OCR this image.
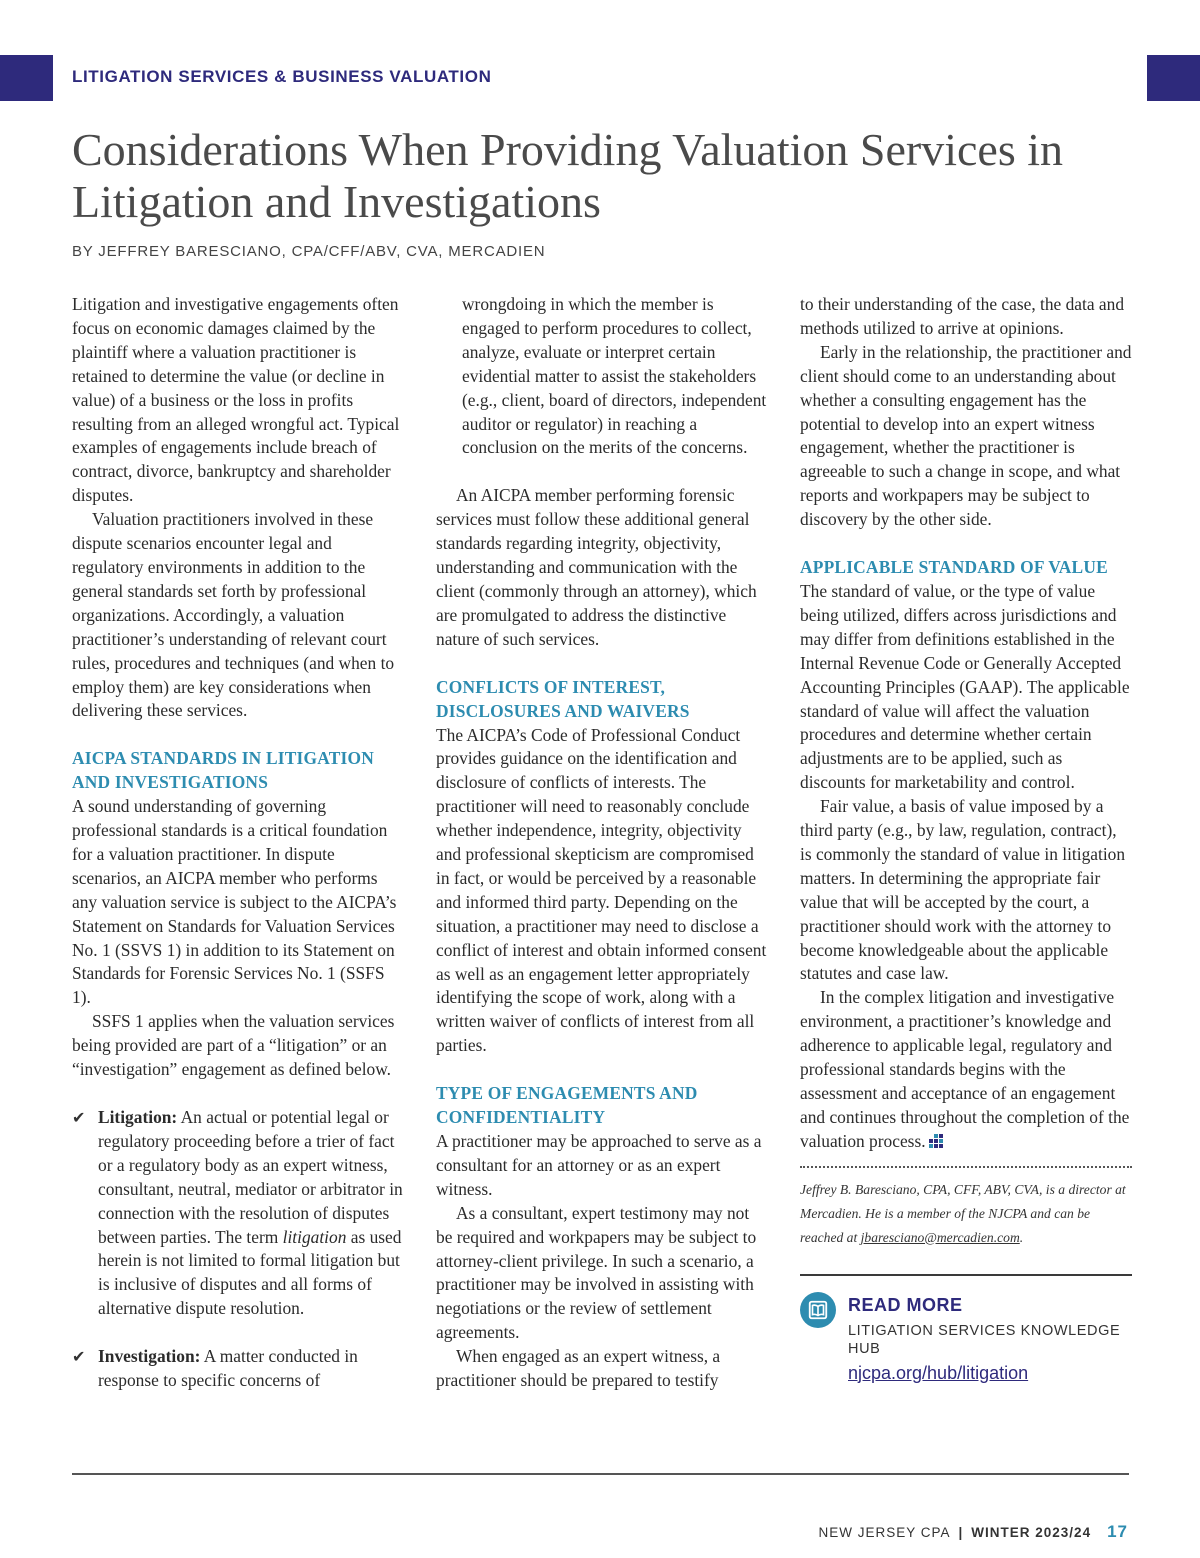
LITIGATION SERVICES & BUSINESS VALUATION
Considerations When Providing Valuation Services in Litigation and Investigations
BY JEFFREY BARESCIANO, CPA/CFF/ABV, CVA, MERCADIEN

Litigation and investigative engagements often focus on economic damages claimed by the plaintiff where a valuation practitioner is retained to determine the value (or decline in value) of a business or the loss in profits resulting from an alleged wrongful act. Typical examples of engagements include breach of contract, divorce, bankruptcy and shareholder disputes.

Valuation practitioners involved in these dispute scenarios encounter legal and regulatory environments in addition to the general standards set forth by professional organizations. Accordingly, a valuation practitioner’s understanding of relevant court rules, procedures and techniques (and when to employ them) are key considerations when delivering these services.

AICPA STANDARDS IN LITIGATION AND INVESTIGATIONS

A sound understanding of governing professional standards is a critical foundation for a valuation practitioner. In dispute scenarios, an AICPA member who performs any valuation service is subject to the AICPA’s Statement on Standards for Valuation Services No. 1 (SSVS 1) in addition to its Statement on Standards for Forensic Services No. 1 (SSFS 1).

SSFS 1 applies when the valuation services being provided are part of a “litigation” or an “investigation” engagement as defined below.

✔ Litigation: An actual or potential legal or regulatory proceeding before a trier of fact or a regulatory body as an expert witness, consultant, neutral, mediator or arbitrator in connection with the resolution of disputes between parties. The term litigation as used herein is not limited to formal litigation but is inclusive of disputes and all forms of alternative dispute resolution.
✔ Investigation: A matter conducted in response to specific concerns of

wrongdoing in which the member is engaged to perform procedures to collect, analyze, evaluate or interpret certain evidential matter to assist the stakeholders (e.g., client, board of directors, independent auditor or regulator) in reaching a conclusion on the merits of the concerns.

An AICPA member performing forensic services must follow these additional general standards regarding integrity, objectivity, understanding and communication with the client (commonly through an attorney), which are promulgated to address the distinctive nature of such services.

CONFLICTS OF INTEREST, DISCLOSURES AND WAIVERS

The AICPA’s Code of Professional Conduct provides guidance on the identification and disclosure of conflicts of interests. The practitioner will need to reasonably conclude whether independence, integrity, objectivity and professional skepticism are compromised in fact, or would be perceived by a reasonable and informed third party. Depending on the situation, a practitioner may need to disclose a conflict of interest and obtain informed consent as well as an engagement letter appropriately identifying the scope of work, along with a written waiver of conflicts of interest from all parties.

TYPE OF ENGAGEMENTS AND CONFIDENTIALITY

A practitioner may be approached to serve as a consultant for an attorney or as an expert witness.

As a consultant, expert testimony may not be required and workpapers may be subject to attorney-client privilege. In such a scenario, a practitioner may be involved in assisting with negotiations or the review of settlement agreements.

When engaged as an expert witness, a practitioner should be prepared to testify

to their understanding of the case, the data and methods utilized to arrive at opinions.

Early in the relationship, the practitioner and client should come to an understanding about whether a consulting engagement has the potential to develop into an expert witness engagement, whether the practitioner is agreeable to such a change in scope, and what reports and workpapers may be subject to discovery by the other side.

APPLICABLE STANDARD OF VALUE

The standard of value, or the type of value being utilized, differs across jurisdictions and may differ from definitions established in the Internal Revenue Code or Generally Accepted Accounting Principles (GAAP). The applicable standard of value will affect the valuation procedures and determine whether certain adjustments are to be applied, such as discounts for marketability and control.

Fair value, a basis of value imposed by a third party (e.g., by law, regulation, contract), is commonly the standard of value in litigation matters. In determining the appropriate fair value that will be accepted by the court, a practitioner should work with the attorney to become knowledgeable about the applicable statutes and case law.

In the complex litigation and investigative environment, a practitioner’s knowledge and adherence to applicable legal, regulatory and professional standards begins with the assessment and acceptance of an engagement and continues throughout the completion of the valuation process.

Jeffrey B. Baresciano, CPA, CFF, ABV, CVA, is a director at Mercadien. He is a member of the NJCPA and can be reached at jbaresciano@mercadien.com.

READ MORE
LITIGATION SERVICES KNOWLEDGE HUB
njcpa.org/hub/litigation
NEW JERSEY CPA | WINTER 2023/24 17
